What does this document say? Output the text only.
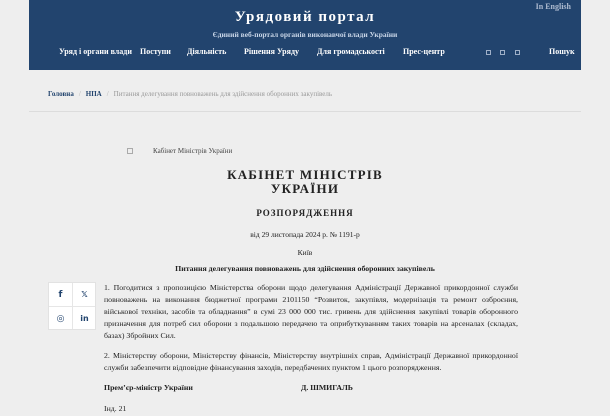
Урядовий портал
Єдиний веб-портал органів виконавчої влади України
In English
Уряд і органи влади Поступи Діяльність Рішення Уряду Для громадськості Прес-центр	Пошук
Головна / НПА / Питання делегування повноважень для здійснення оборонних закупівель
Кабінет Міністрів України
КАБІНЕТ МІНІСТРІВ
УКРАЇНИ
РОЗПОРЯДЖЕННЯ
від 29 листопада 2024 р. № 1191-р
Київ
Питання делегування повноважень для здійснення оборонних закупівель
f	𝕏
◎	in
1. Погодитися з пропозицією Міністерства оборони щодо делегування Адміністрації Державної прикордонної служби повноважень на виконання бюджетної програми 2101150 “Розвиток, закупівля, модернізація та ремонт озброєння, військової техніки, засобів та обладнання” в сумі 23 000 000 тис. гривень для здійснення закупівлі товарів оборонного призначення для потреб сил оборони з подальшою передачею та оприбуткуванням таких товарів на арсеналах (складах, базах) Збройних Сил.
2. Міністерству оборони, Міністерству фінансів, Міністерству внутрішніх справ, Адміністрації Державної прикордонної служби забезпечити відповідне фінансування заходів, передбачених пунктом 1 цього розпорядження.
Прем’єр-міністр України	Д. ШМИГАЛЬ
Інд. 21
